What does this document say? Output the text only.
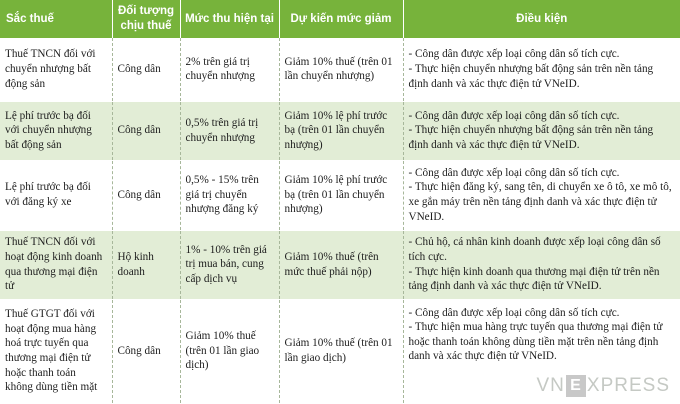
Sắc thuế	Đối tượng chịu thuế	Mức thu hiện tại	Dự kiến mức giảm	Điều kiện
Thuế TNCN đối với chuyển nhượng bất động sản	Công dân	2% trên giá trị chuyển nhượng	Giảm 10% thuế (trên 01 lần chuyển nhượng)	- Công dân được xếp loại công dân số tích cực.
- Thực hiện chuyển nhượng bất động sản trên nền tảng định danh và xác thực điện tử VNeID.

Lệ phí trước bạ đối với chuyển nhượng bất động sản	Công dân	0,5% trên giá trị chuyển nhượng	Giảm 10% lệ phí trước bạ (trên 01 lần chuyển nhượng)	- Công dân được xếp loại công dân số tích cực.
- Thực hiện chuyển nhượng bất động sản trên nền tảng định danh và xác thực điện tử VNeID.

Lệ phí trước bạ đối với đăng ký xe	Công dân	0,5% - 15% trên giá trị chuyển nhượng đăng ký	Giảm 10% lệ phí trước bạ (trên 01 lần chuyển nhượng)	- Công dân được xếp loại công dân số tích cực.
- Thực hiện đăng ký, sang tên, di chuyển xe ô tô, xe mô tô, xe gắn máy trên nền tảng định danh và xác thực điện tử VNeID.

Thuế TNCN đối với hoạt động kinh doanh qua thương mại điện tử	Hộ kinh doanh	1% - 10% trên giá trị mua bán, cung cấp dịch vụ	Giảm 10% thuế (trên mức thuế phải nộp)	- Chủ hộ, cá nhân kinh doanh được xếp loại công dân số tích cực.
- Thực hiện kinh doanh qua thương mại điện tử trên nền tảng định danh và xác thực điện tử VNeID.

Thuế GTGT đối với hoạt động mua hàng hoá trực tuyến qua thương mại điện tử hoặc thanh toán không dùng tiền mặt	Công dân	Giảm 10% thuế (trên 01 lần giao dịch)	Giảm 10% thuế (trên 01 lần giao dịch)	- Công dân được xếp loại công dân số tích cực.
- Thực hiện mua hàng trực tuyến qua thương mại điện tử hoặc thanh toán không dùng tiền mặt trên nền tảng định danh và xác thực điện tử VNeID.
VN E XPRESS
